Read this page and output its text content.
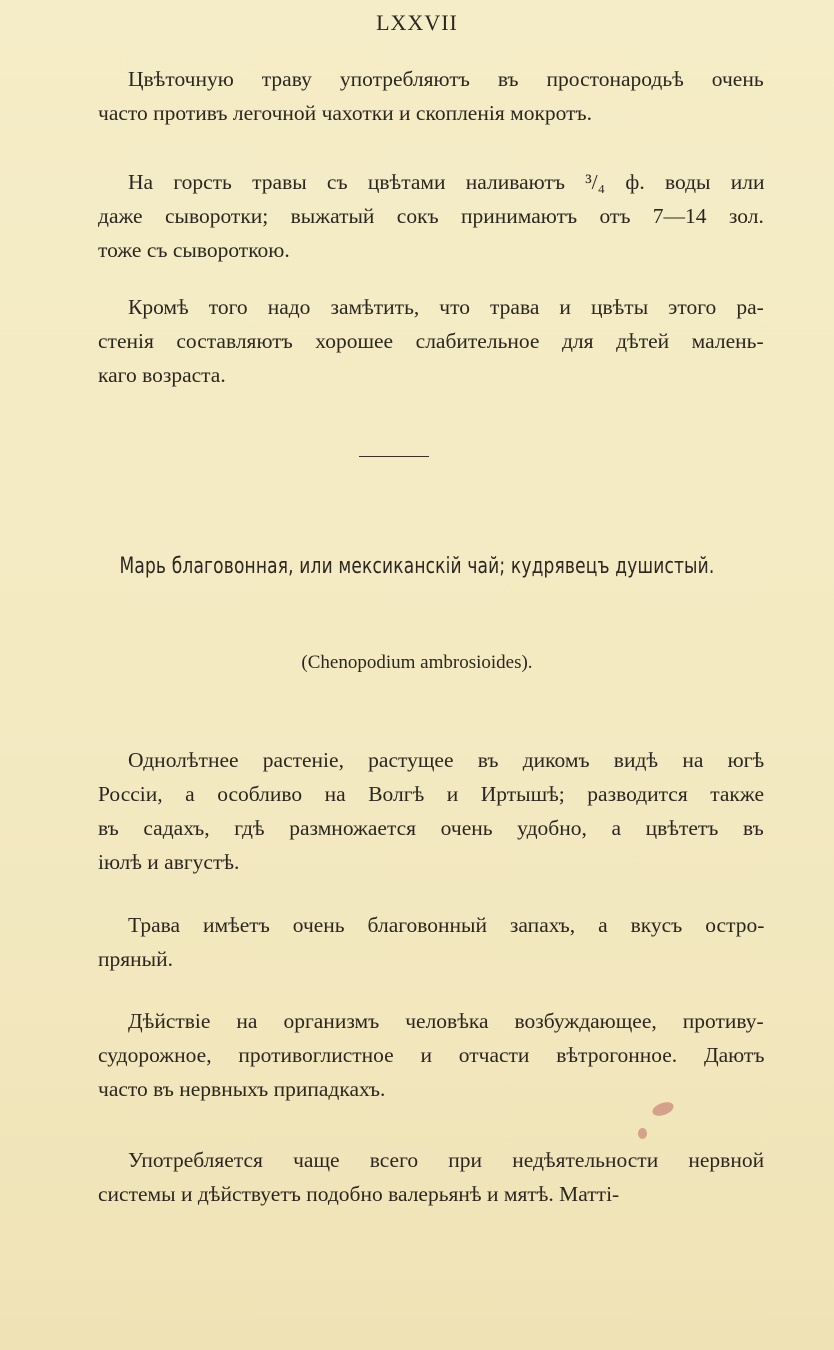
LXXVII
Цвѣточную траву употребляютъ въ простонародьѣ очень
часто противъ легочной чахотки и скопленія мокротъ.
На горсть травы съ цвѣтами наливаютъ ³/₄ ф. воды или
даже сыворотки; выжатый сокъ принимаютъ отъ 7—14 зол.
тоже съ сывороткою.
Кромѣ того надо замѣтить, что трава и цвѣты этого ра-
стенія составляютъ хорошее слабительное для дѣтей малень-
каго возраста.
Марь благовонная, или мексиканскій чай; кудрявецъ душистый.
(Chenopodium ambrosioides).
Однолѣтнее растеніе, растущее въ дикомъ видѣ на югѣ
Россіи, а особливо на Волгѣ и Иртышѣ; разводится также
въ садахъ, гдѣ размножается очень удобно, а цвѣтетъ въ
іюлѣ и августѣ.
Трава имѣетъ очень благовонный запахъ, а вкусъ остро-
пряный.
Дѣйствіе на организмъ человѣка возбуждающее, противу-
судорожное, противоглистное и отчасти вѣтрогонное. Даютъ
часто въ нервныхъ припадкахъ.
Употребляется чаще всего при недѣятельности нервной
системы и дѣйствуетъ подобно валерьянѣ и мятѣ. Матті-
